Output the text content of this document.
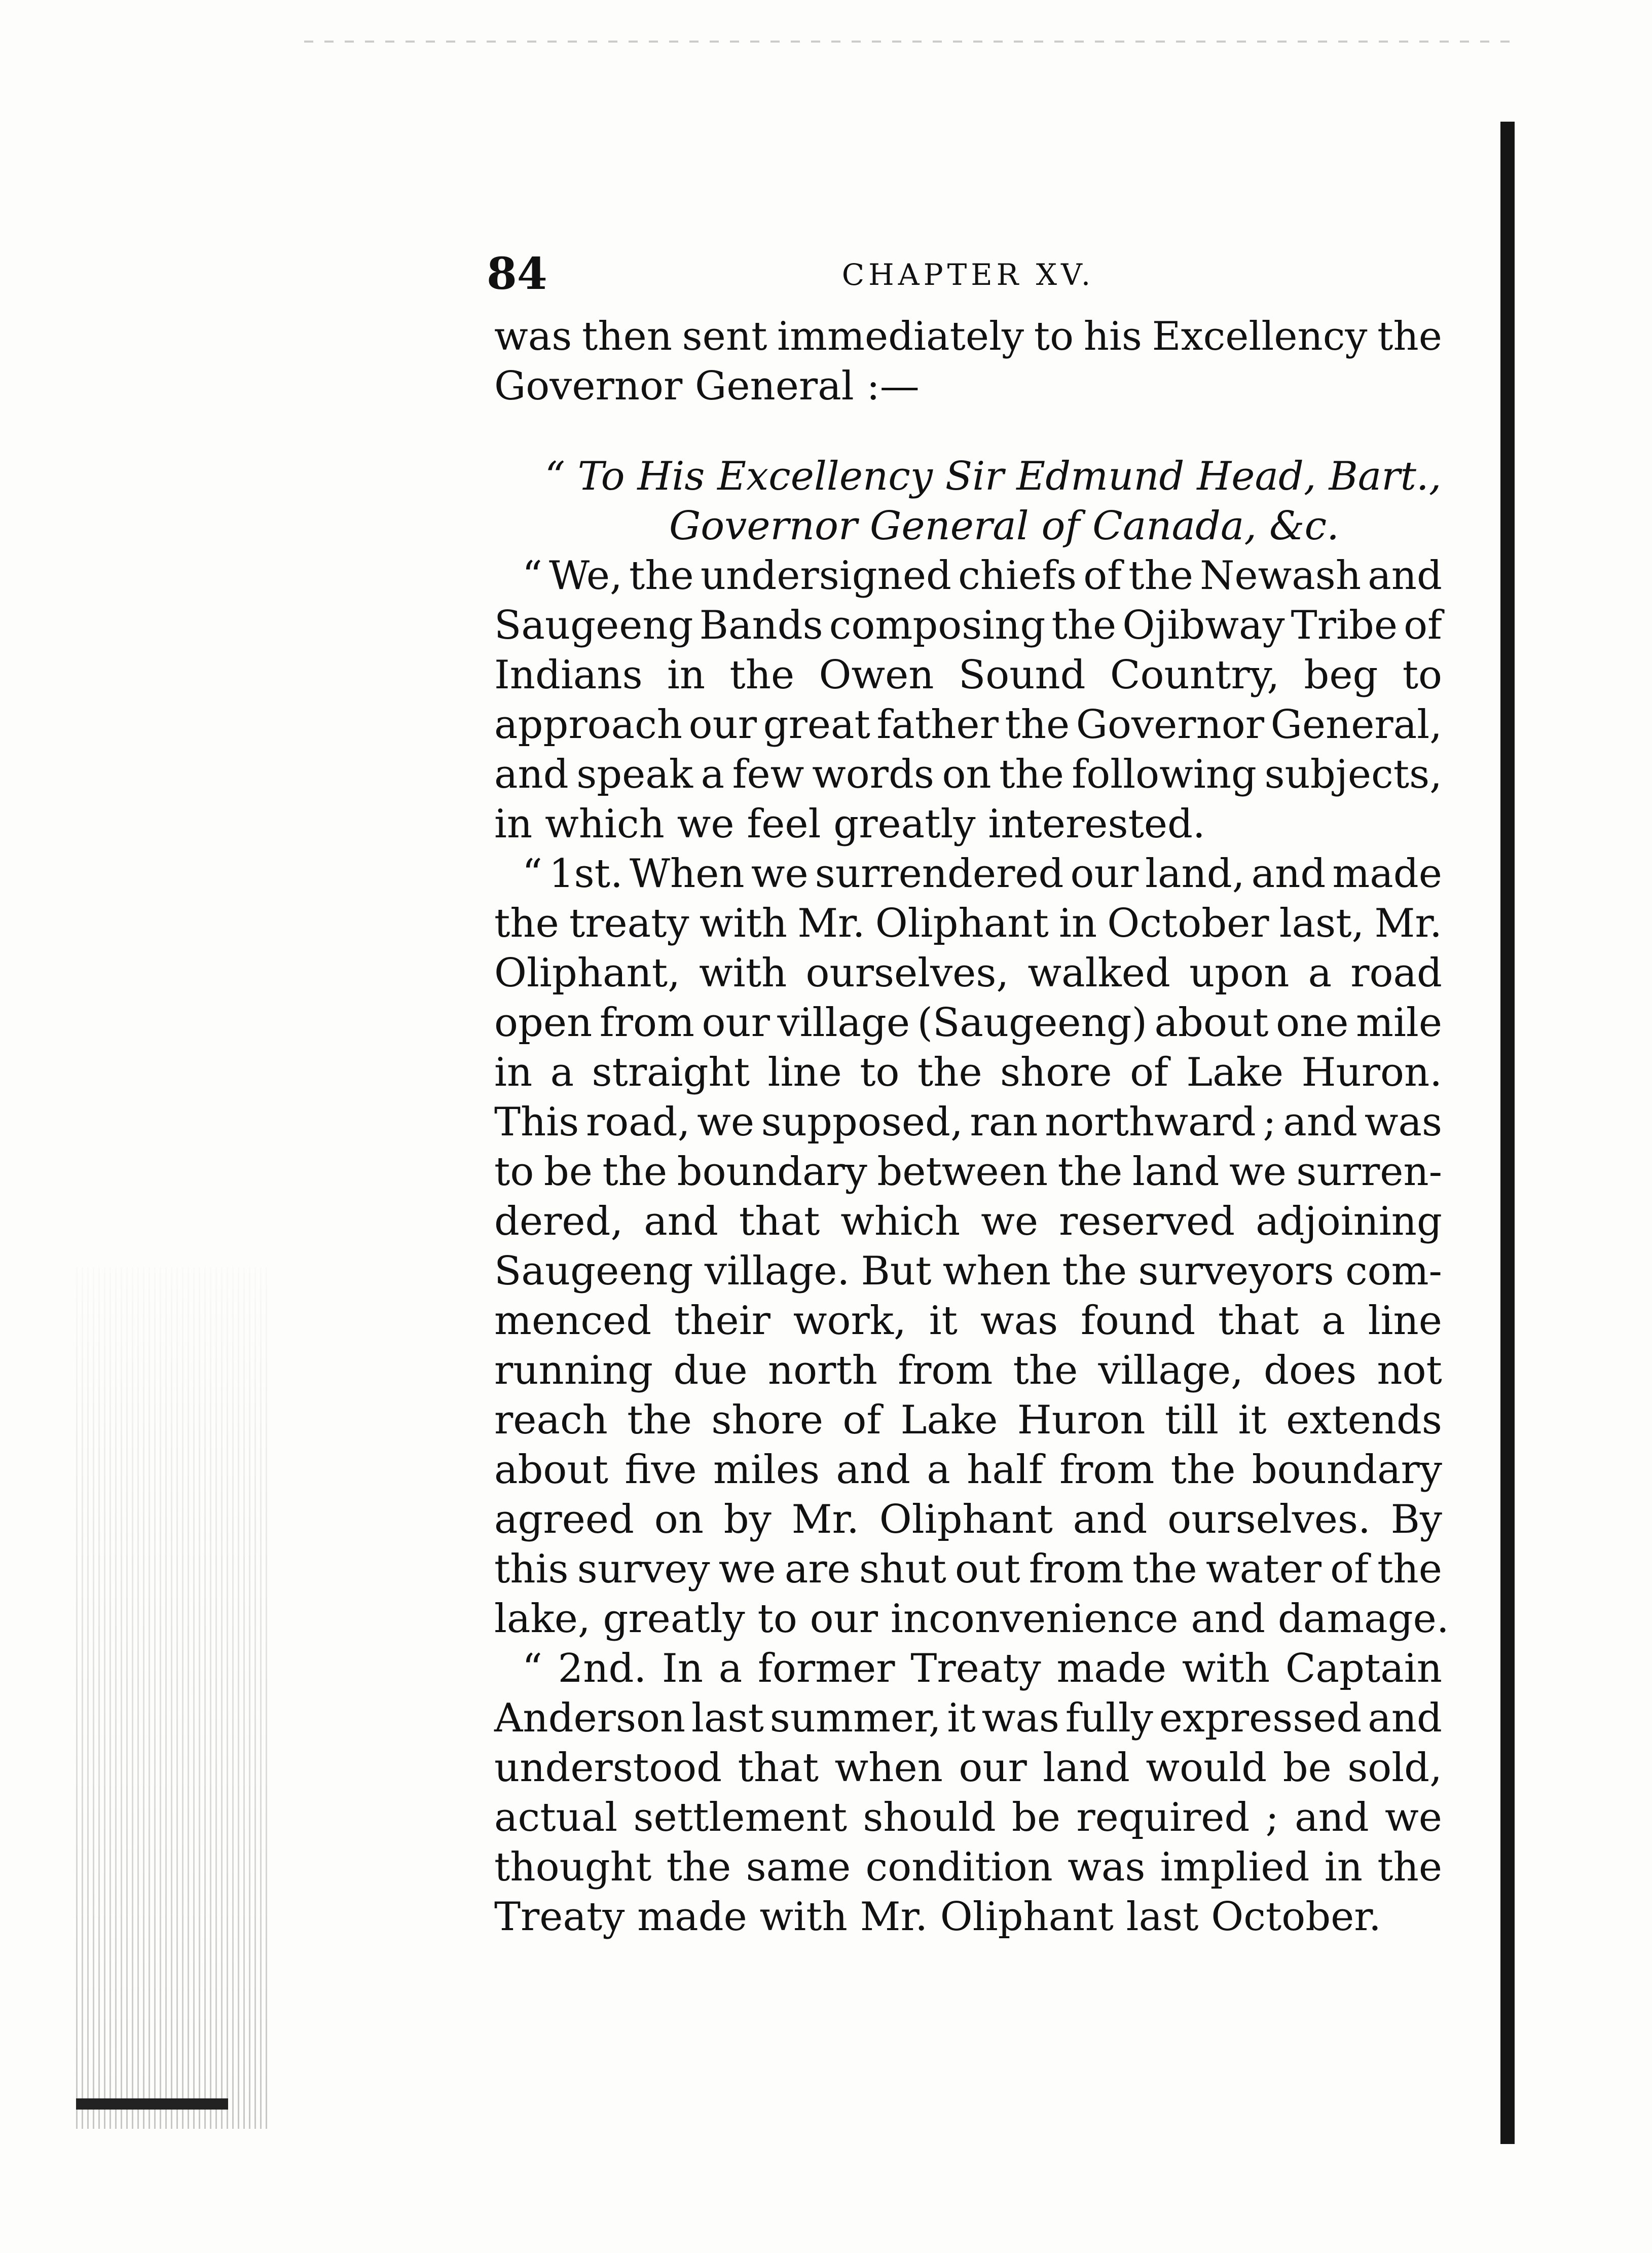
84	CHAPTER XV.
was then sent immediately to his Excellency the
Governor General :—
“ To His Excellency Sir Edmund Head, Bart.,
Governor General of Canada, &c.
“ We, the undersigned chiefs of the Newash and
Saugeeng Bands composing the Ojibway Tribe of
Indians in the Owen Sound Country, beg to
approach our great father the Governor General,
and speak a few words on the following subjects,
in which we feel greatly interested.
“ 1st. When we surrendered our land, and made
the treaty with Mr. Oliphant in October last, Mr.
Oliphant, with ourselves, walked upon a road
open from our village (Saugeeng) about one mile
in a straight line to the shore of Lake Huron.
This road, we supposed, ran northward ; and was
to be the boundary between the land we surren-
dered, and that which we reserved adjoining
Saugeeng village. But when the surveyors com-
menced their work, it was found that a line
running due north from the village, does not
reach the shore of Lake Huron till it extends
about five miles and a half from the boundary
agreed on by Mr. Oliphant and ourselves. By
this survey we are shut out from the water of the
lake, greatly to our inconvenience and damage.
“ 2nd. In a former Treaty made with Captain
Anderson last summer, it was fully expressed and
understood that when our land would be sold,
actual settlement should be required ; and we
thought the same condition was implied in the
Treaty made with Mr. Oliphant last October.
